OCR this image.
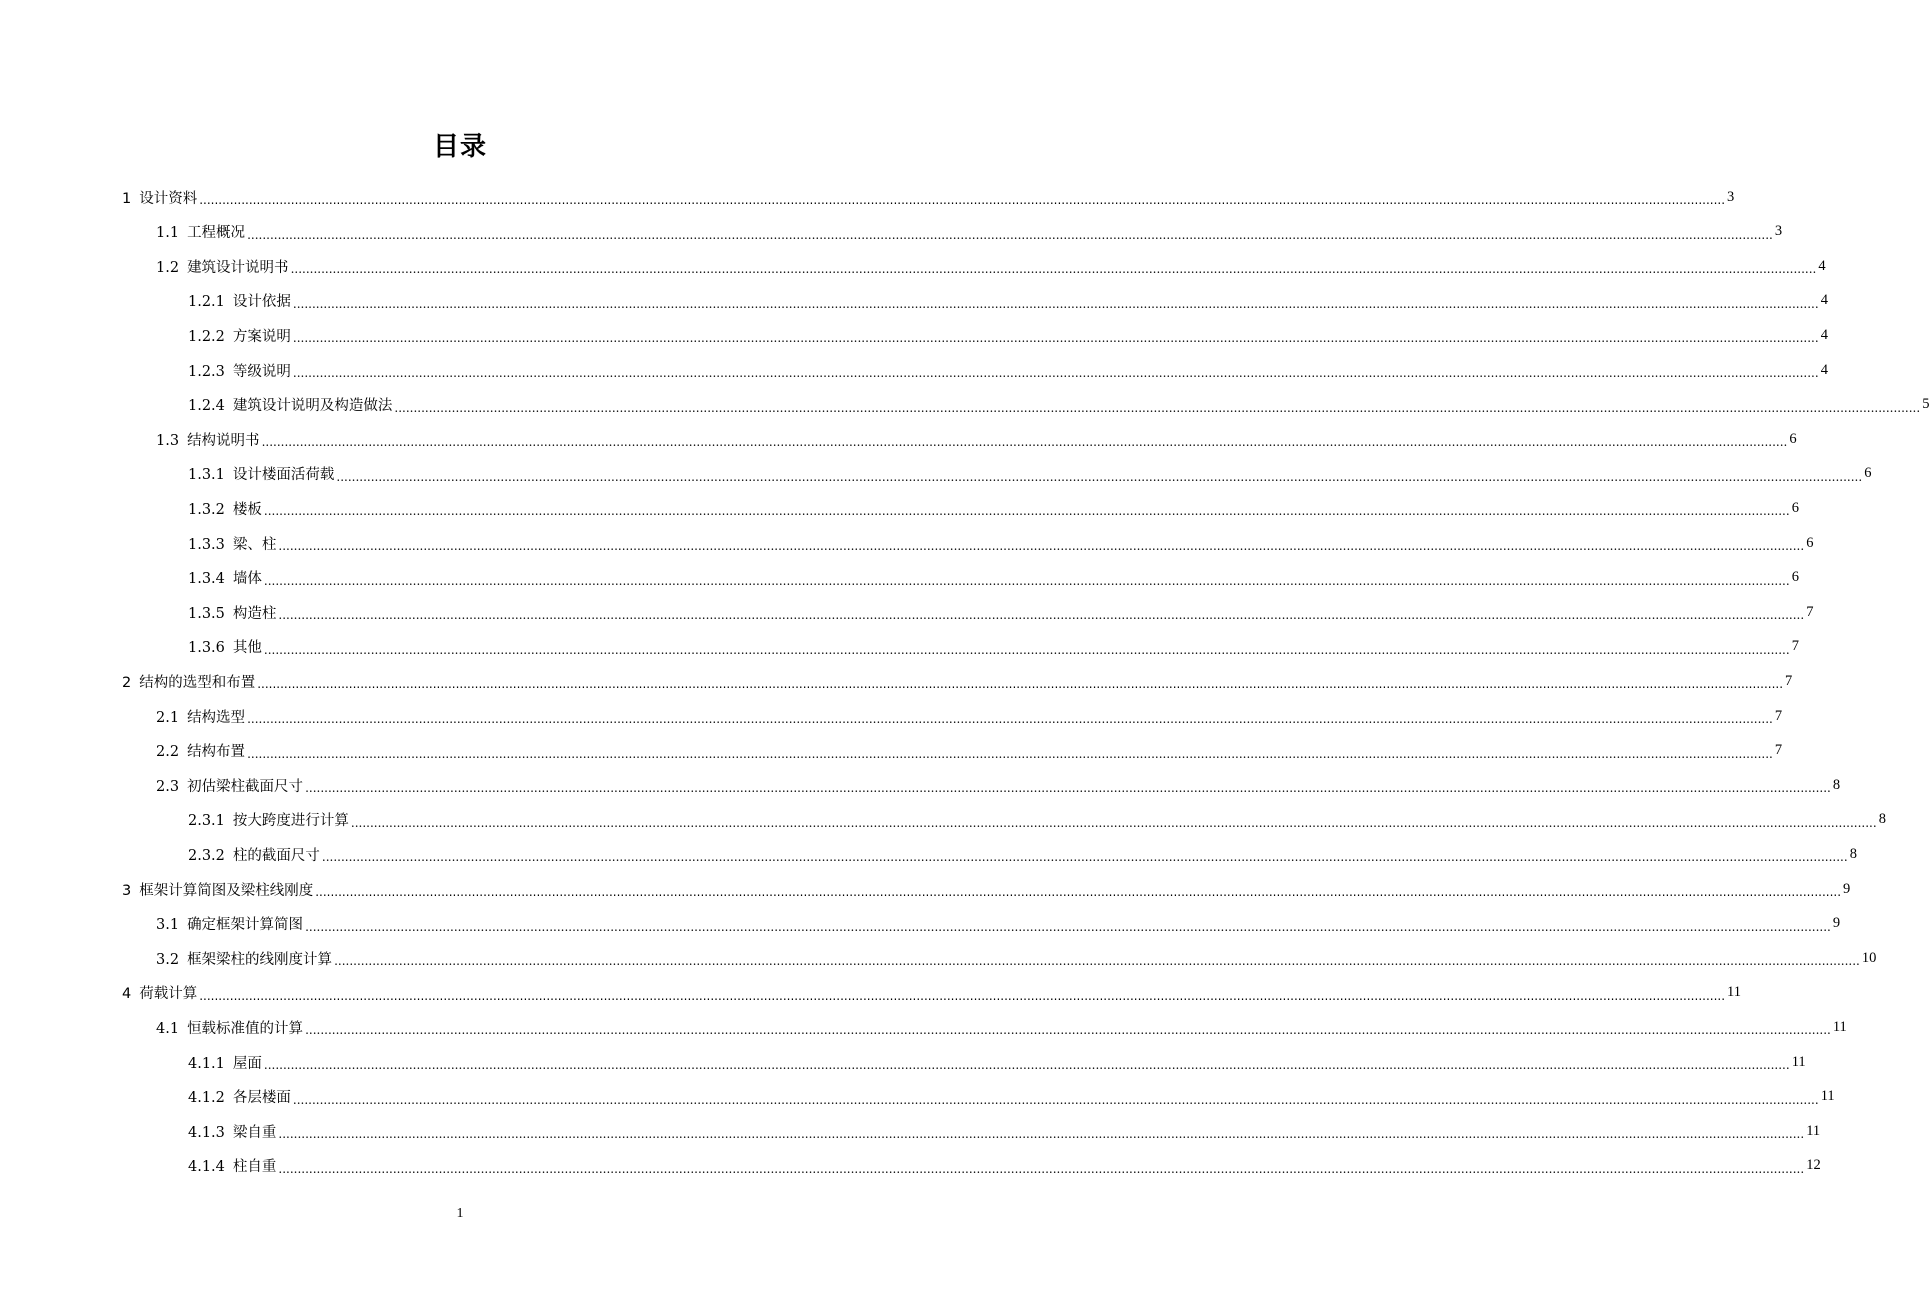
目录
1 设计资料 ................................................................................................................................................................................................................................................................................................................................................................................................................ 3
1.1 工程概况 ................................................................................................................................................................................................................................................................................................................................................................................................................ 3
1.2 建筑设计说明书 ................................................................................................................................................................................................................................................................................................................................................................................................................ 4
1.2.1 设计依据 ................................................................................................................................................................................................................................................................................................................................................................................................................ 4
1.2.2 方案说明 ................................................................................................................................................................................................................................................................................................................................................................................................................ 4
1.2.3 等级说明 ................................................................................................................................................................................................................................................................................................................................................................................................................ 4
1.2.4 建筑设计说明及构造做法 ................................................................................................................................................................................................................................................................................................................................................................................................................ 5
1.3 结构说明书 ................................................................................................................................................................................................................................................................................................................................................................................................................ 6
1.3.1 设计楼面活荷载 ................................................................................................................................................................................................................................................................................................................................................................................................................ 6
1.3.2 楼板 ................................................................................................................................................................................................................................................................................................................................................................................................................ 6
1.3.3 梁、柱 ................................................................................................................................................................................................................................................................................................................................................................................................................ 6
1.3.4 墙体 ................................................................................................................................................................................................................................................................................................................................................................................................................ 6
1.3.5 构造柱 ................................................................................................................................................................................................................................................................................................................................................................................................................ 7
1.3.6 其他 ................................................................................................................................................................................................................................................................................................................................................................................................................ 7
2 结构的选型和布置 ................................................................................................................................................................................................................................................................................................................................................................................................................ 7
2.1 结构选型 ................................................................................................................................................................................................................................................................................................................................................................................................................ 7
2.2 结构布置 ................................................................................................................................................................................................................................................................................................................................................................................................................ 7
2.3 初估梁柱截面尺寸 ................................................................................................................................................................................................................................................................................................................................................................................................................ 8
2.3.1 按大跨度进行计算 ................................................................................................................................................................................................................................................................................................................................................................................................................ 8
2.3.2 柱的截面尺寸 ................................................................................................................................................................................................................................................................................................................................................................................................................ 8
3 框架计算简图及梁柱线刚度 ................................................................................................................................................................................................................................................................................................................................................................................................................ 9
3.1 确定框架计算简图 ................................................................................................................................................................................................................................................................................................................................................................................................................ 9
3.2 框架梁柱的线刚度计算 ................................................................................................................................................................................................................................................................................................................................................................................................................ 10
4 荷载计算 ................................................................................................................................................................................................................................................................................................................................................................................................................ 11
4.1 恒载标准值的计算 ................................................................................................................................................................................................................................................................................................................................................................................................................ 11
4.1.1 屋面 ................................................................................................................................................................................................................................................................................................................................................................................................................ 11
4.1.2 各层楼面 ................................................................................................................................................................................................................................................................................................................................................................................................................ 11
4.1.3 梁自重 ................................................................................................................................................................................................................................................................................................................................................................................................................ 11
4.1.4 柱自重 ................................................................................................................................................................................................................................................................................................................................................................................................................ 12
1
